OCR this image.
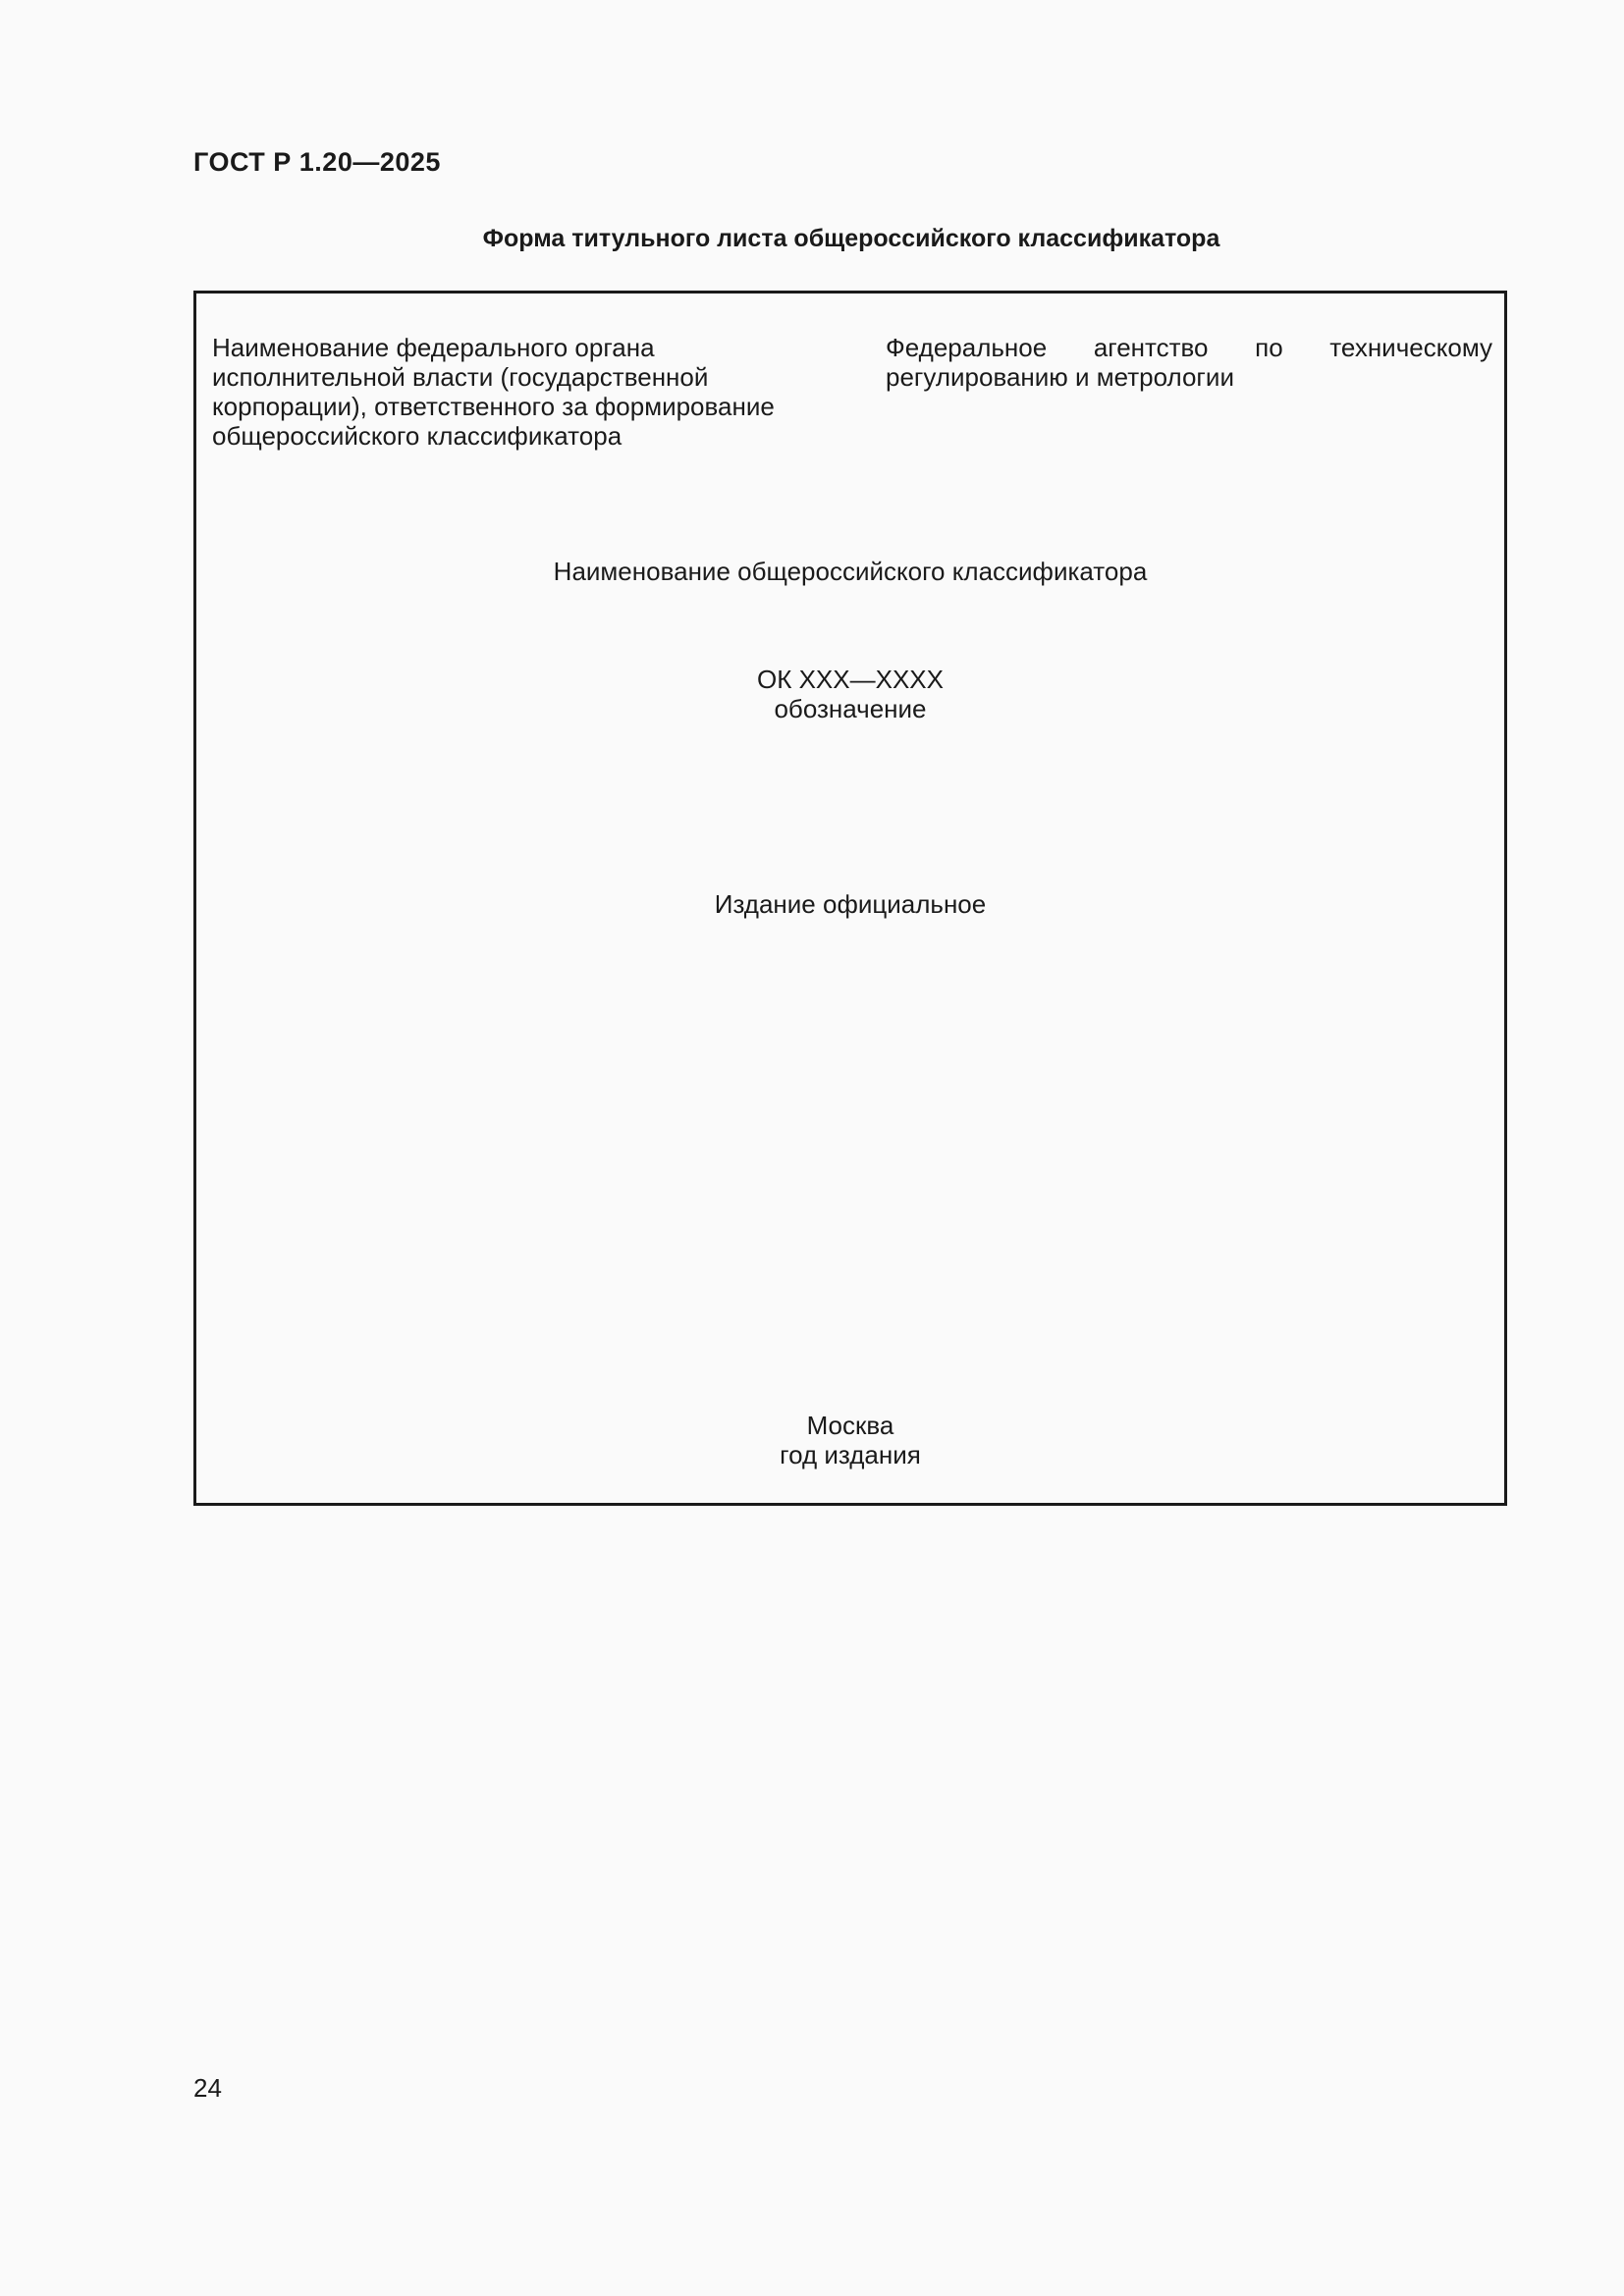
ГОСТ Р 1.20—2025
Форма титульного листа общероссийского классификатора

Наименование федерального органа исполнительной власти (государственной корпорации), ответственного за формирование общероссийского классификатора

Федеральное агентство по техническому регулированию и метрологии

Наименование общероссийского классификатора

ОК ХХХ—ХХХХ

обозначение

Издание официальное

Москва

год издания

24
